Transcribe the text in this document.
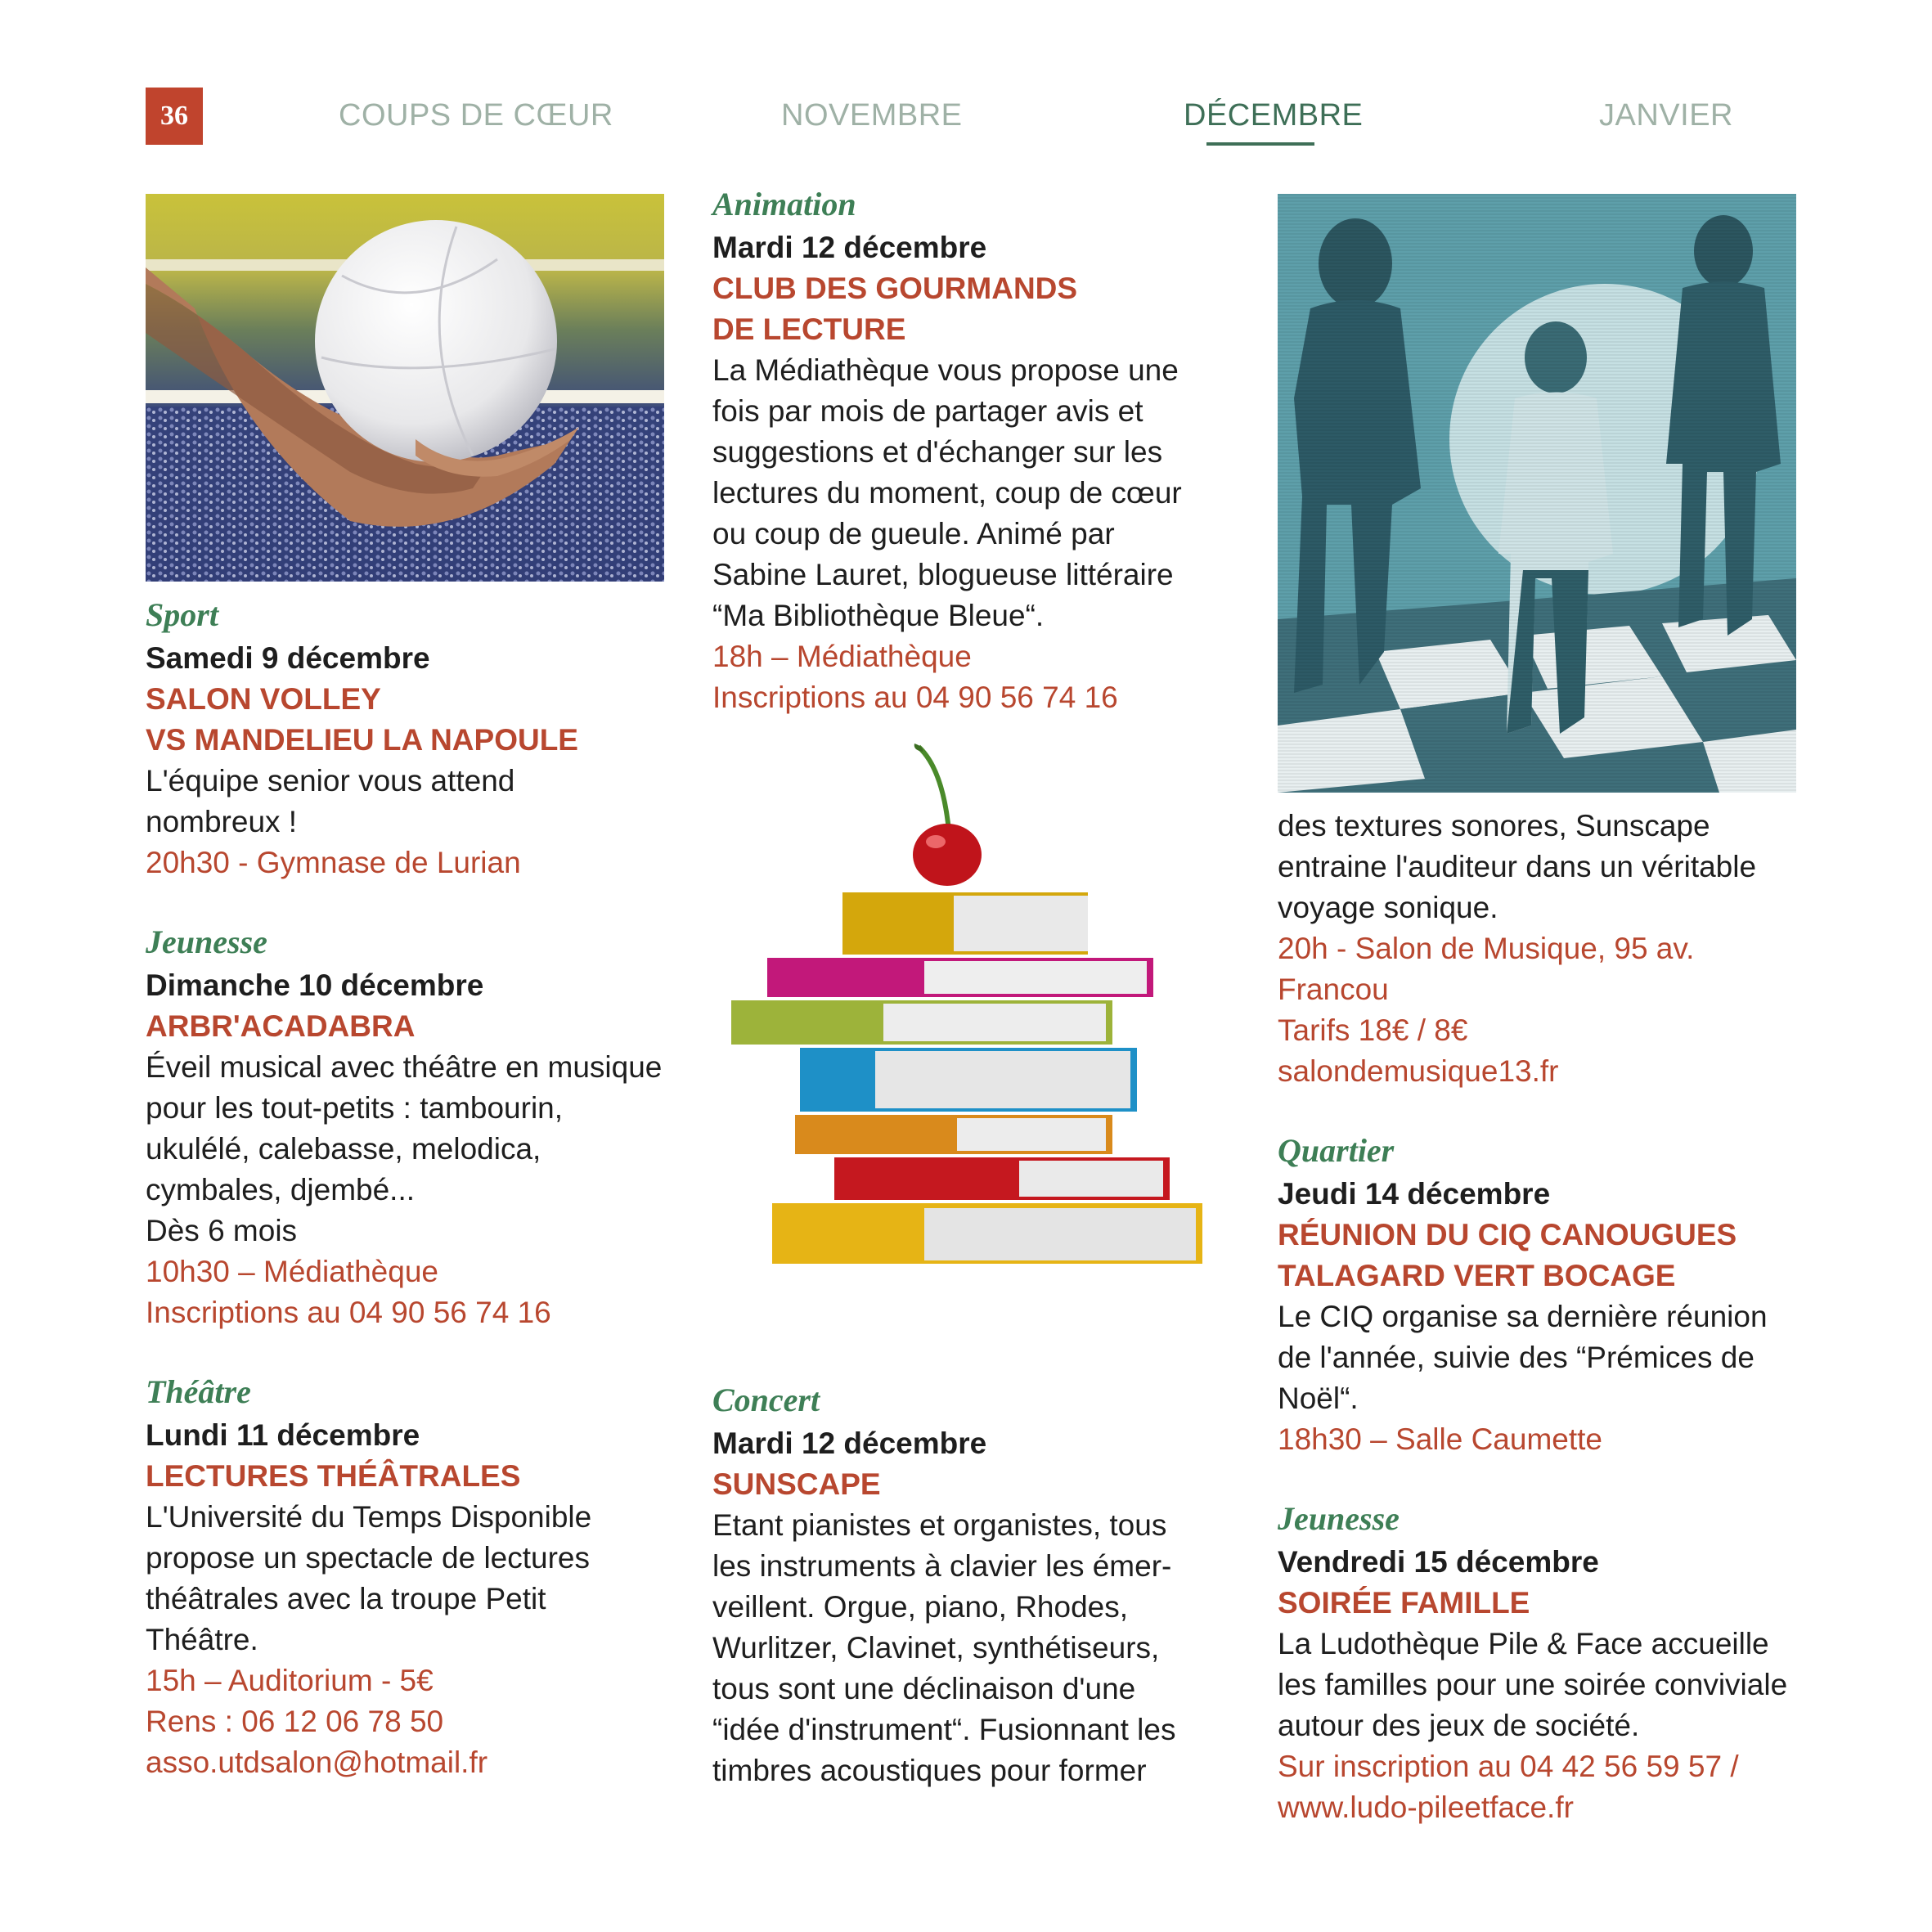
36	COUPS DE CŒUR	NOVEMBRE	DÉCEMBRE	JANVIER
Sport
Samedi 9 décembre
SALON VOLLEY
VS MANDELIEU LA NAPOULE
L'équipe senior vous attend
nombreux !
20h30 - Gymnase de Lurian
Jeunesse
Dimanche 10 décembre
ARBR'ACADABRA
Éveil musical avec théâtre en musique
pour les tout-petits : tambourin,
ukulélé, calebasse, melodica,
cymbales, djembé...
Dès 6 mois
10h30 – Médiathèque
Inscriptions au 04 90 56 74 16
Théâtre
Lundi 11 décembre
LECTURES THÉÂTRALES
L'Université du Temps Disponible
propose un spectacle de lectures
théâtrales avec la troupe Petit
Théâtre.
15h – Auditorium - 5€
Rens : 06 12 06 78 50
asso.utdsalon@hotmail.fr
Animation
Mardi 12 décembre
CLUB DES GOURMANDS
DE LECTURE
La Médiathèque vous propose une
fois par mois de partager avis et
suggestions et d'échanger sur les
lectures du moment, coup de cœur
ou coup de gueule. Animé par
Sabine Lauret, blogueuse littéraire
“Ma Bibliothèque Bleue“.
18h – Médiathèque
Inscriptions au 04 90 56 74 16
Concert
Mardi 12 décembre
SUNSCAPE
Etant pianistes et organistes, tous
les instruments à clavier les émer-
veillent. Orgue, piano, Rhodes,
Wurlitzer, Clavinet, synthétiseurs,
tous sont une déclinaison d'une
“idée d'instrument“. Fusionnant les
timbres acoustiques pour former
des textures sonores, Sunscape
entraine l'auditeur dans un véritable
voyage sonique.
20h - Salon de Musique, 95 av. Francou
Tarifs 18€ / 8€
salondemusique13.fr
Quartier
Jeudi 14 décembre
RÉUNION DU CIQ CANOUGUES
TALAGARD VERT BOCAGE
Le CIQ organise sa dernière réunion
de l'année, suivie des “Prémices de
Noël“.
18h30 – Salle Caumette
Jeunesse
Vendredi 15 décembre
SOIRÉE FAMILLE
La Ludothèque Pile & Face accueille
les familles pour une soirée conviviale
autour des jeux de société.
Sur inscription au 04 42 56 59 57 /
www.ludo-pileetface.fr
